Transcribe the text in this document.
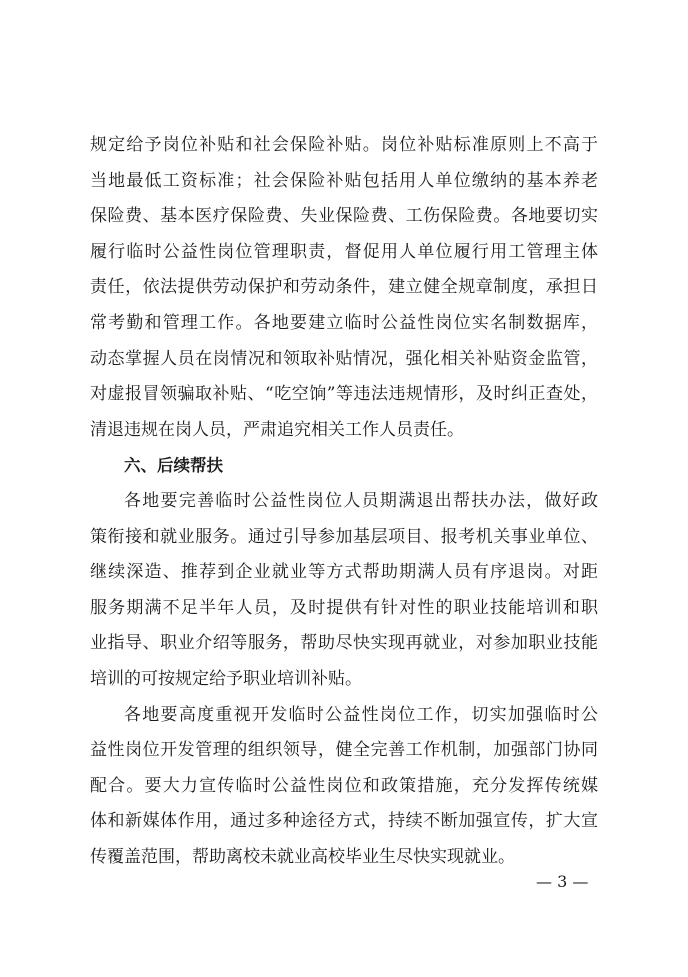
规定给予岗位补贴和社会保险补贴。岗位补贴标准原则上不高于
当地最低工资标准；社会保险补贴包括用人单位缴纳的基本养老
保险费、基本医疗保险费、失业保险费、工伤保险费。各地要切实
履行临时公益性岗位管理职责，督促用人单位履行用工管理主体
责任，依法提供劳动保护和劳动条件，建立健全规章制度，承担日
常考勤和管理工作。各地要建立临时公益性岗位实名制数据库，
动态掌握人员在岗情况和领取补贴情况，强化相关补贴资金监管，
对虚报冒领骗取补贴、“吃空饷”等违法违规情形，及时纠正查处，
清退违规在岗人员，严肃追究相关工作人员责任。
六、后续帮扶
各地要完善临时公益性岗位人员期满退出帮扶办法，做好政
策衔接和就业服务。通过引导参加基层项目、报考机关事业单位、
继续深造、推荐到企业就业等方式帮助期满人员有序退岗。对距
服务期满不足半年人员，及时提供有针对性的职业技能培训和职
业指导、职业介绍等服务，帮助尽快实现再就业，对参加职业技能
培训的可按规定给予职业培训补贴。
各地要高度重视开发临时公益性岗位工作，切实加强临时公
益性岗位开发管理的组织领导，健全完善工作机制，加强部门协同
配合。要大力宣传临时公益性岗位和政策措施，充分发挥传统媒
体和新媒体作用，通过多种途径方式，持续不断加强宣传，扩大宣
传覆盖范围，帮助离校未就业高校毕业生尽快实现就业。
— 3 —
